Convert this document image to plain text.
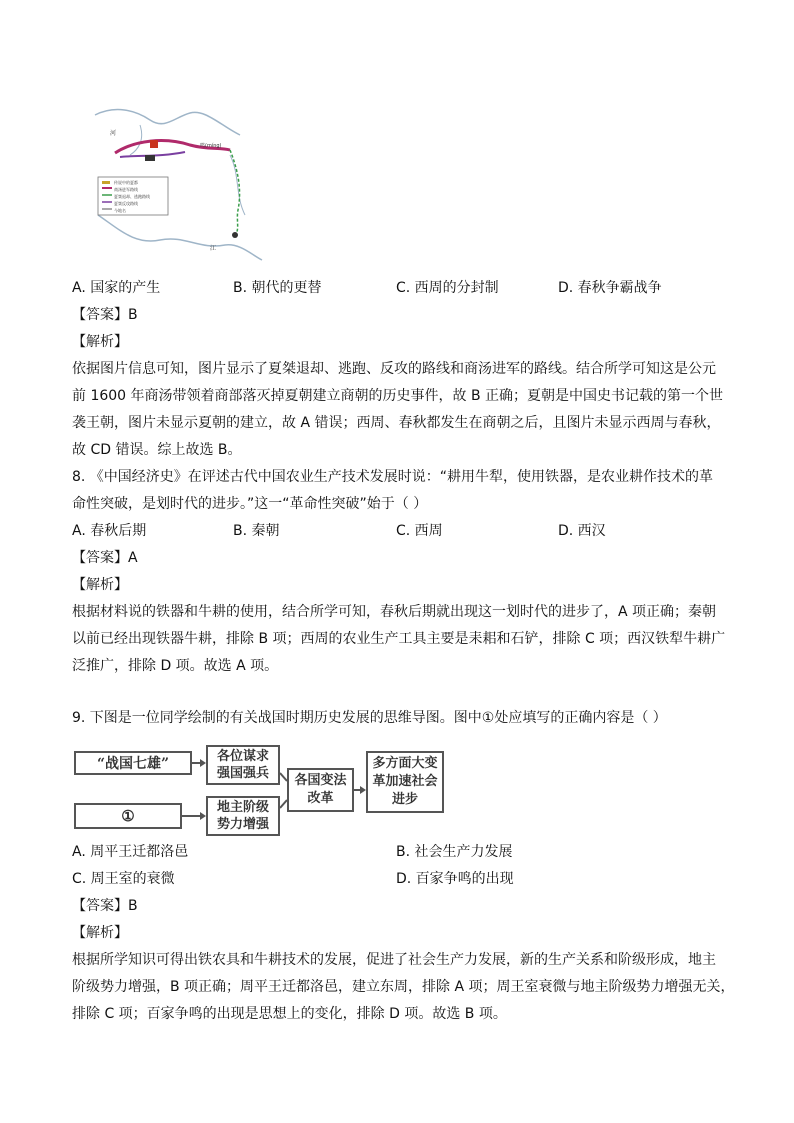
传说中的夏都
商汤进军路线
夏桀退却、逃跑路线
夏桀反攻路线
今地名
鸣(míng)
河
江
A. 国家的产生	B. 朝代的更替	C. 西周的分封制	D. 春秋争霸战争
【答案】B
【解析】
依据图片信息可知，图片显示了夏桀退却、逃跑、反攻的路线和商汤进军的路线。结合所学可知这是公元
前 1600 年商汤带领着商部落灭掉夏朝建立商朝的历史事件，故 B 正确；夏朝是中国史书记载的第一个世
袭王朝，图片未显示夏朝的建立，故 A 错误；西周、春秋都发生在商朝之后，且图片未显示西周与春秋，
故 CD 错误。综上故选 B。
8. 《中国经济史》在评述古代中国农业生产技术发展时说：“耕用牛犁，使用铁器，是农业耕作技术的革
命性突破，是划时代的进步。”这一“革命性突破”始于（ ）
A. 春秋后期	B. 秦朝	C. 西周	D. 西汉
【答案】A
【解析】
根据材料说的铁器和牛耕的使用，结合所学可知，春秋后期就出现这一划时代的进步了，A 项正确；秦朝
以前已经出现铁器牛耕，排除 B 项；西周的农业生产工具主要是耒耜和石铲，排除 C 项；西汉铁犁牛耕广
泛推广，排除 D 项。故选 A 项。
9. 下图是一位同学绘制的有关战国时期历史发展的思维导图。图中①处应填写的正确内容是（ ）
“战国七雄”
①
各位谋求强国强兵
地主阶级势力增强
各国变法改革
多方面大变革加速社会进步
A. 周平王迁都洛邑	B. 社会生产力发展
C. 周王室的衰微	D. 百家争鸣的出现
【答案】B
【解析】
根据所学知识可得出铁农具和牛耕技术的发展，促进了社会生产力发展，新的生产关系和阶级形成，地主
阶级势力增强，B 项正确；周平王迁都洛邑，建立东周，排除 A 项；周王室衰微与地主阶级势力增强无关，
排除 C 项；百家争鸣的出现是思想上的变化，排除 D 项。故选 B 项。
